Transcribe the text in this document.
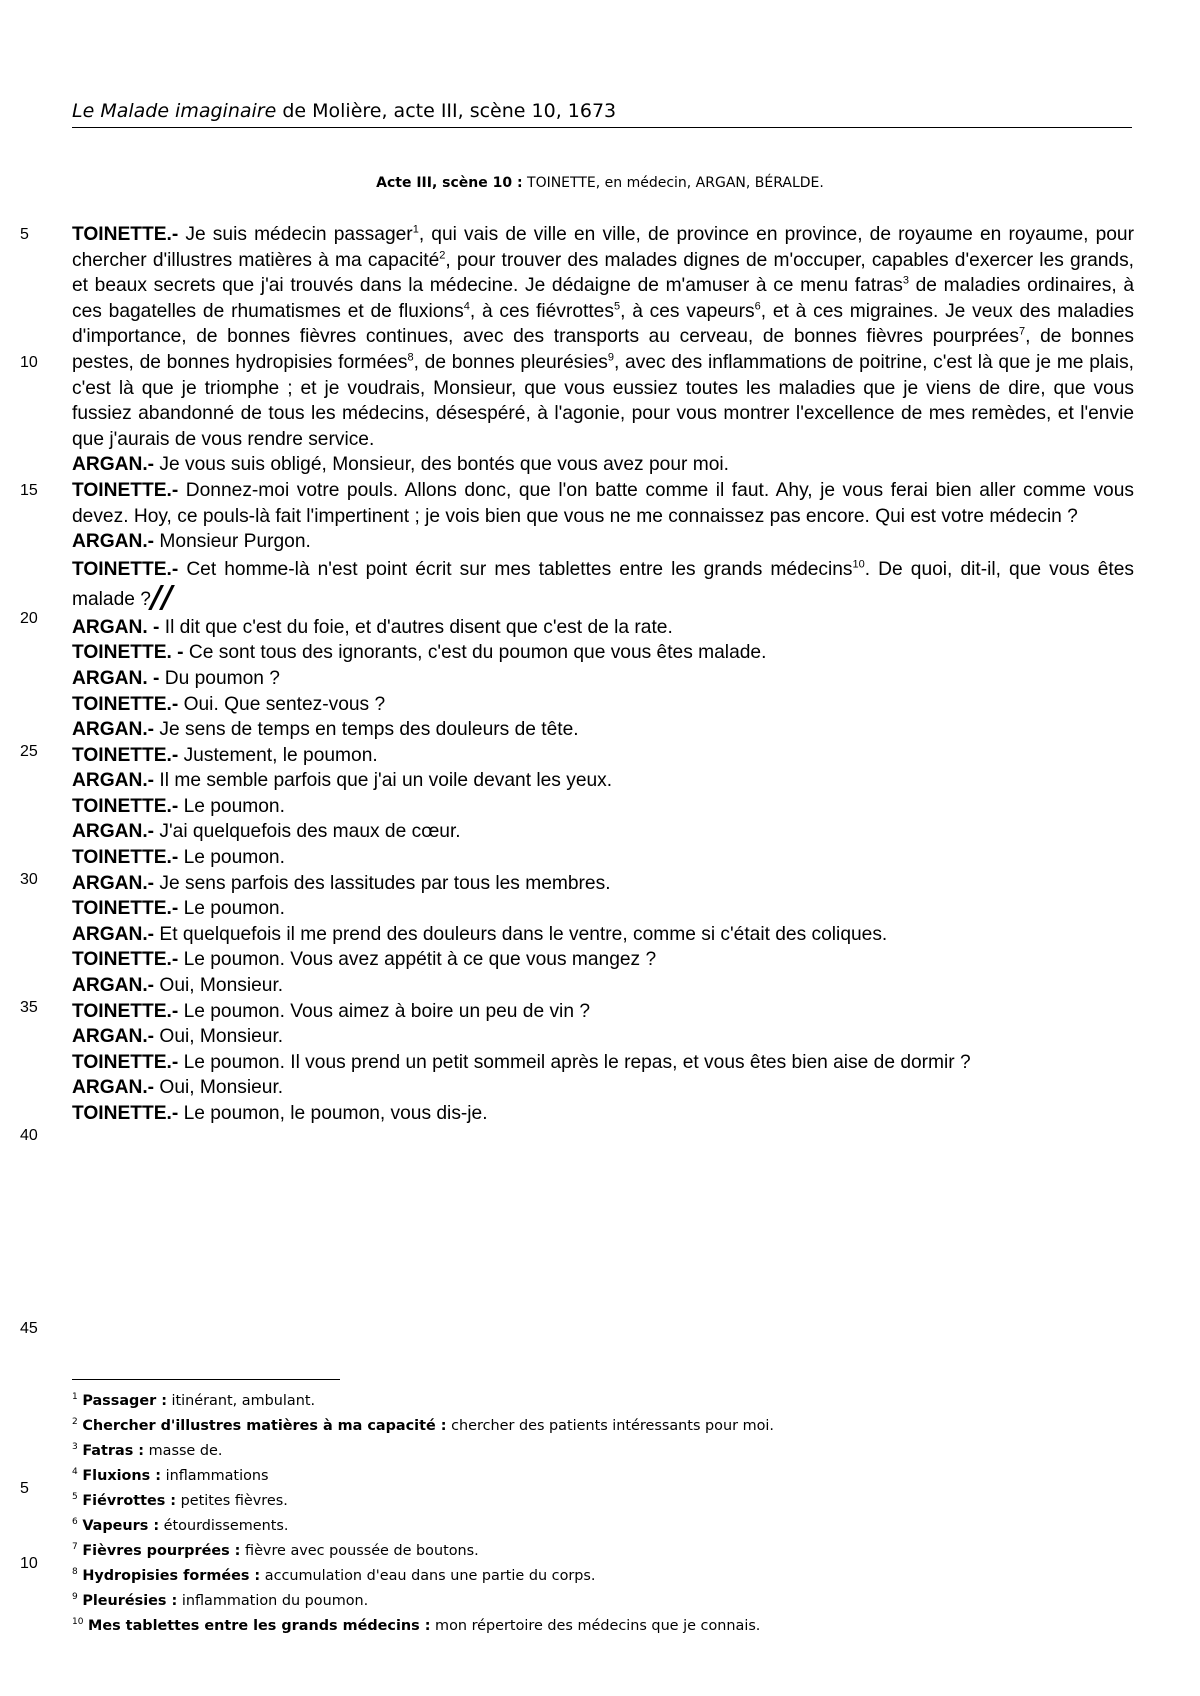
Le Malade imaginaire de Molière, acte III, scène 10, 1673
Acte III, scène 10 : TOINETTE, en médecin, ARGAN, BÉRALDE.
5
10
15
20
25
30
35
40
45

TOINETTE.- Je suis médecin passager$^1$, qui vais de ville en ville, de province en province, de royaume en royaume, pour chercher d'illustres matières à ma capacité$^2$, pour trouver des malades dignes de m'occuper, capables d'exercer les grands, et beaux secrets que j'ai trouvés dans la médecine. Je dédaigne de m'amuser à ce menu fatras$^3$ de maladies ordinaires, à ces bagatelles de rhumatismes et de fluxions$^4$, à ces fiévrottes$^5$, à ces vapeurs$^6$, et à ces migraines. Je veux des maladies d'importance, de bonnes fièvres continues, avec des transports au cerveau, de bonnes fièvres pourprées$^7$, de bonnes pestes, de bonnes hydropisies formées$^8$, de bonnes pleurésies$^9$, avec des inflammations de poitrine, c'est là que je me plais, c'est là que je triomphe ; et je voudrais, Monsieur, que vous eussiez toutes les maladies que je viens de dire, que vous fussiez abandonné de tous les médecins, désespéré, à l'agonie, pour vous montrer l'excellence de mes remèdes, et l'envie que j'aurais de vous rendre service.

ARGAN.- Je vous suis obligé, Monsieur, des bontés que vous avez pour moi.

TOINETTE.- Donnez-moi votre pouls. Allons donc, que l'on batte comme il faut. Ahy, je vous ferai bien aller comme vous devez. Hoy, ce pouls-là fait l'impertinent ; je vois bien que vous ne me connaissez pas encore. Qui est votre médecin ?

ARGAN.- Monsieur Purgon.

TOINETTE.- Cet homme-là n'est point écrit sur mes tablettes entre les grands médecins$^{10}$. De quoi, dit-il, que vous êtes malade ?//

ARGAN. - Il dit que c'est du foie, et d'autres disent que c'est de la rate.

TOINETTE. - Ce sont tous des ignorants, c'est du poumon que vous êtes malade.

ARGAN. - Du poumon ?

TOINETTE.- Oui. Que sentez-vous ?

ARGAN.- Je sens de temps en temps des douleurs de tête.

TOINETTE.- Justement, le poumon.

ARGAN.- Il me semble parfois que j'ai un voile devant les yeux.

TOINETTE.- Le poumon.

ARGAN.- J'ai quelquefois des maux de cœur.

TOINETTE.- Le poumon.

ARGAN.- Je sens parfois des lassitudes par tous les membres.

TOINETTE.- Le poumon.

ARGAN.- Et quelquefois il me prend des douleurs dans le ventre, comme si c'était des coliques.

TOINETTE.- Le poumon. Vous avez appétit à ce que vous mangez ?

ARGAN.- Oui, Monsieur.

TOINETTE.- Le poumon. Vous aimez à boire un peu de vin ?

ARGAN.- Oui, Monsieur.

TOINETTE.- Le poumon. Il vous prend un petit sommeil après le repas, et vous êtes bien aise de dormir ?

ARGAN.- Oui, Monsieur.

TOINETTE.- Le poumon, le poumon, vous dis-je.

5
10

$^1$ Passager : itinérant, ambulant.

$^2$ Chercher d'illustres matières à ma capacité : chercher des patients intéressants pour moi.

$^3$ Fatras : masse de.

$^4$ Fluxions : inflammations

$^5$ Fiévrottes : petites fièvres.

$^6$ Vapeurs : étourdissements.

$^7$ Fièvres pourprées : fièvre avec poussée de boutons.

$^8$ Hydropisies formées : accumulation d'eau dans une partie du corps.

$^9$ Pleurésies : inflammation du poumon.

$^{10}$ Mes tablettes entre les grands médecins : mon répertoire des médecins que je connais.
